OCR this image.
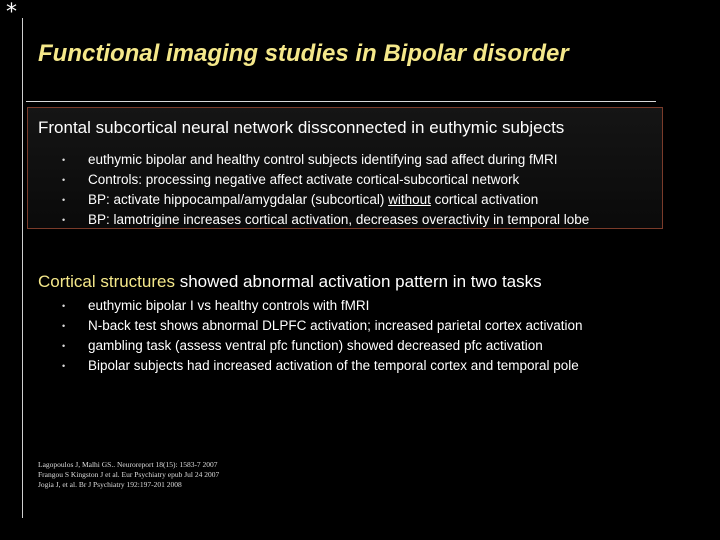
*
Functional imaging studies in Bipolar disorder
Frontal subcortical neural network dissconnected in euthymic subjects
• euthymic bipolar and healthy control subjects identifying sad affect during fMRI
• Controls: processing negative affect activate cortical-subcortical network
• BP: activate hippocampal/amygdalar (subcortical) without cortical activation
• BP: lamotrigine increases cortical activation, decreases overactivity in temporal lobe
Cortical structures showed abnormal activation pattern in two tasks
• euthymic bipolar I vs healthy controls with fMRI
• N-back test shows abnormal DLPFC activation; increased parietal cortex activation
• gambling task (assess ventral pfc function) showed decreased pfc activation
• Bipolar subjects had increased activation of the temporal cortex and temporal pole
Lagopoulos J, Malhi GS.. Neuroreport 18(15): 1583-7 2007
Frangou S Kingston J et al. Eur Psychiatry epub Jul 24 2007
Jogia J, et al. Br J Psychiatry 192:197-201 2008
